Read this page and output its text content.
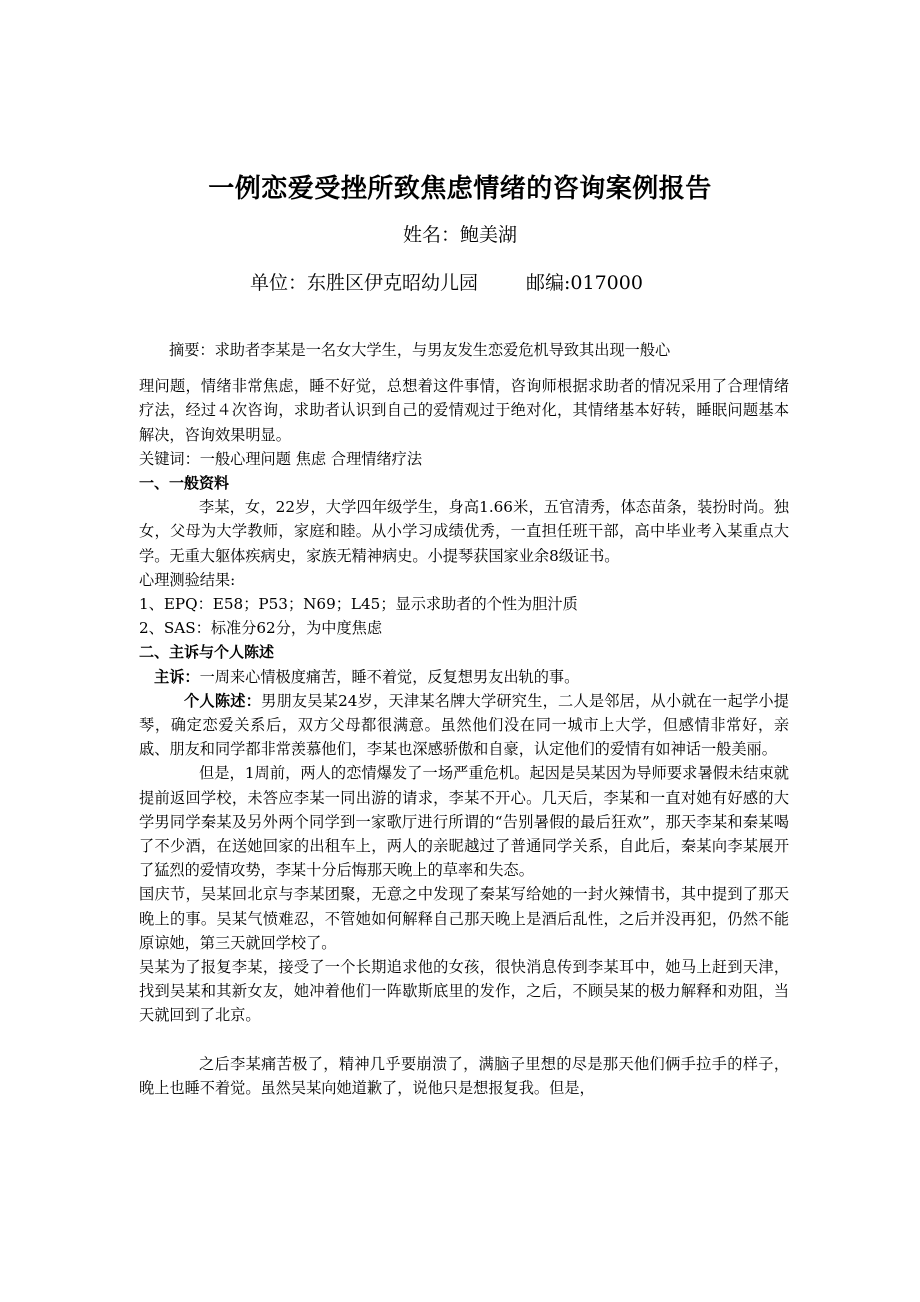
一例恋爱受挫所致焦虑情绪的咨询案例报告
姓名：鲍美湖
单位：东胜区伊克昭幼儿园	邮编:017000

摘要：求助者李某是一名女大学生，与男友发生恋爱危机导致其出现一般心

理问题，情绪非常焦虑，睡不好觉，总想着这件事情，咨询师根据求助者的情况采用了合理情绪疗法，经过４次咨询，求助者认识到自己的爱情观过于绝对化，其情绪基本好转，睡眠问题基本解决，咨询效果明显。

关键词：一般心理问题 焦虑 合理情绪疗法

一、一般资料

李某，女，22岁，大学四年级学生，身高1.66米，五官清秀，体态苗条，装扮时尚。独女，父母为大学教师，家庭和睦。从小学习成绩优秀，一直担任班干部，高中毕业考入某重点大学。无重大躯体疾病史，家族无精神病史。小提琴获国家业余8级证书。

心理测验结果:

1、EPQ：E58；P53；N69；L45；显示求助者的个性为胆汁质

2、SAS：标准分62分，为中度焦虑

二、主诉与个人陈述

主诉：一周来心情极度痛苦，睡不着觉，反复想男友出轨的事。

个人陈述：男朋友吴某24岁，天津某名牌大学研究生，二人是邻居，从小就在一起学小提琴，确定恋爱关系后，双方父母都很满意。虽然他们没在同一城市上大学，但感情非常好，亲戚、朋友和同学都非常羡慕他们，李某也深感骄傲和自豪，认定他们的爱情有如神话一般美丽。

但是，1周前，两人的恋情爆发了一场严重危机。起因是吴某因为导师要求暑假未结束就提前返回学校，未答应李某一同出游的请求，李某不开心。几天后，李某和一直对她有好感的大学男同学秦某及另外两个同学到一家歌厅进行所谓的“告别暑假的最后狂欢”，那天李某和秦某喝了不少酒，在送她回家的出租车上，两人的亲昵越过了普通同学关系，自此后，秦某向李某展开了猛烈的爱情攻势，李某十分后悔那天晚上的草率和失态。

国庆节，吴某回北京与李某团聚，无意之中发现了秦某写给她的一封火辣情书，其中提到了那天晚上的事。吴某气愤难忍，不管她如何解释自己那天晚上是酒后乱性，之后并没再犯，仍然不能原谅她，第三天就回学校了。

吴某为了报复李某，接受了一个长期追求他的女孩，很快消息传到李某耳中，她马上赶到天津，找到吴某和其新女友，她冲着他们一阵歇斯底里的发作，之后，不顾吴某的极力解释和劝阻，当天就回到了北京。

之后李某痛苦极了，精神几乎要崩溃了，满脑子里想的尽是那天他们俩手拉手的样子，晚上也睡不着觉。虽然吴某向她道歉了，说他只是想报复我。但是，
